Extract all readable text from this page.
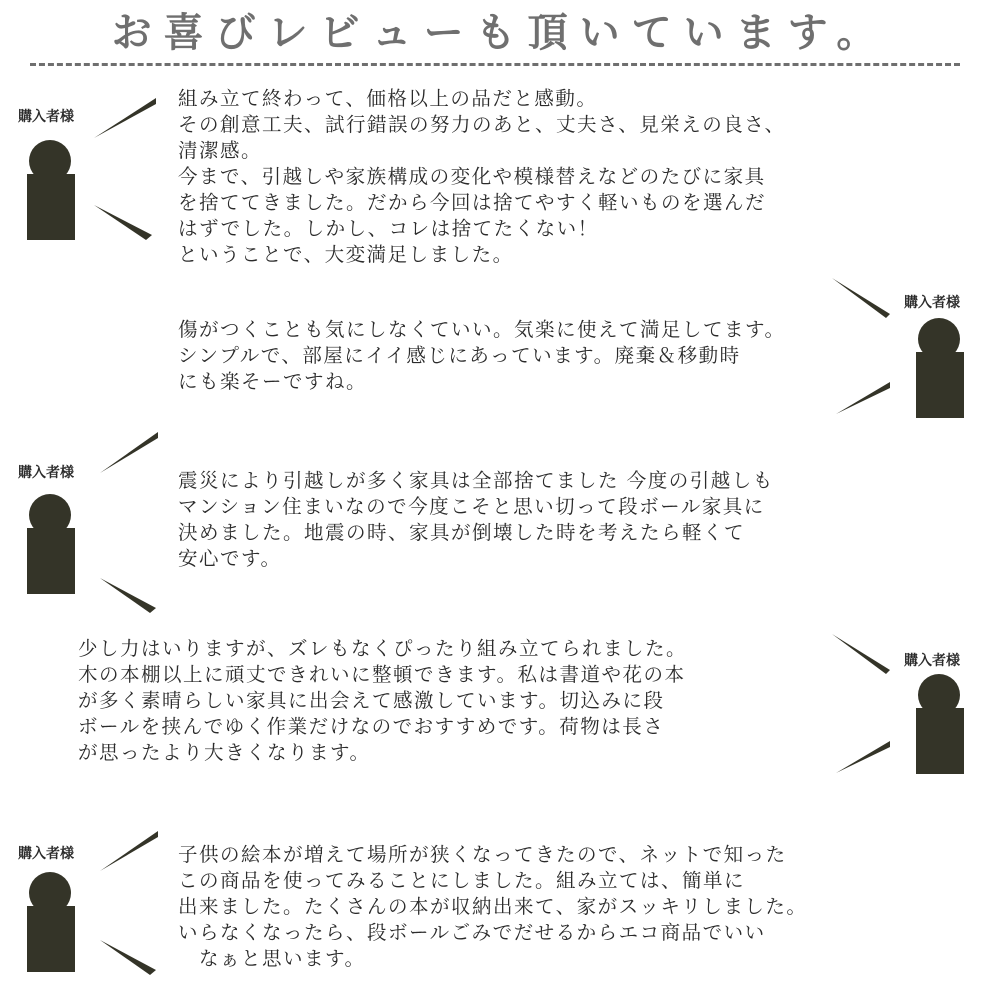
お喜びレビューも頂いています。
購入者様

組み立て終わって、価格以上の品だと感動。
その創意工夫、試行錯誤の努力のあと、丈夫さ、見栄えの良さ、
清潔感。
今まで、引越しや家族構成の変化や模様替えなどのたびに家具
を捨ててきました。だから今回は捨てやすく軽いものを選んだ
はずでした。しかし、コレは捨てたくない！
ということで、大変満足しました。

購入者様

傷がつくことも気にしなくていい。気楽に使えて満足してます。
シンプルで、部屋にイイ感じにあっています。廃棄＆移動時
にも楽そーですね。

購入者様	震災により引越しが多く家具は全部捨てました 今度の引越しも
マンション住まいなので今度こそと思い切って段ボール家具に
決めました。地震の時、家具が倒壊した時を考えたら軽くて
安心です。

購入者様

少し力はいりますが、ズレもなくぴったり組み立てられました。
木の本棚以上に頑丈できれいに整頓できます。私は書道や花の本
が多く素晴らしい家具に出会えて感激しています。切込みに段
ボールを挟んでゆく作業だけなのでおすすめです。荷物は長さ
が思ったより大きくなります。

購入者様	子供の絵本が増えて場所が狭くなってきたので、ネットで知った
この商品を使ってみることにしました。組み立ては、簡単に
出来ました。たくさんの本が収納出来て、家がスッキリしました。
いらなくなったら、段ボールごみでだせるからエコ商品でいい
　なぁと思います。
